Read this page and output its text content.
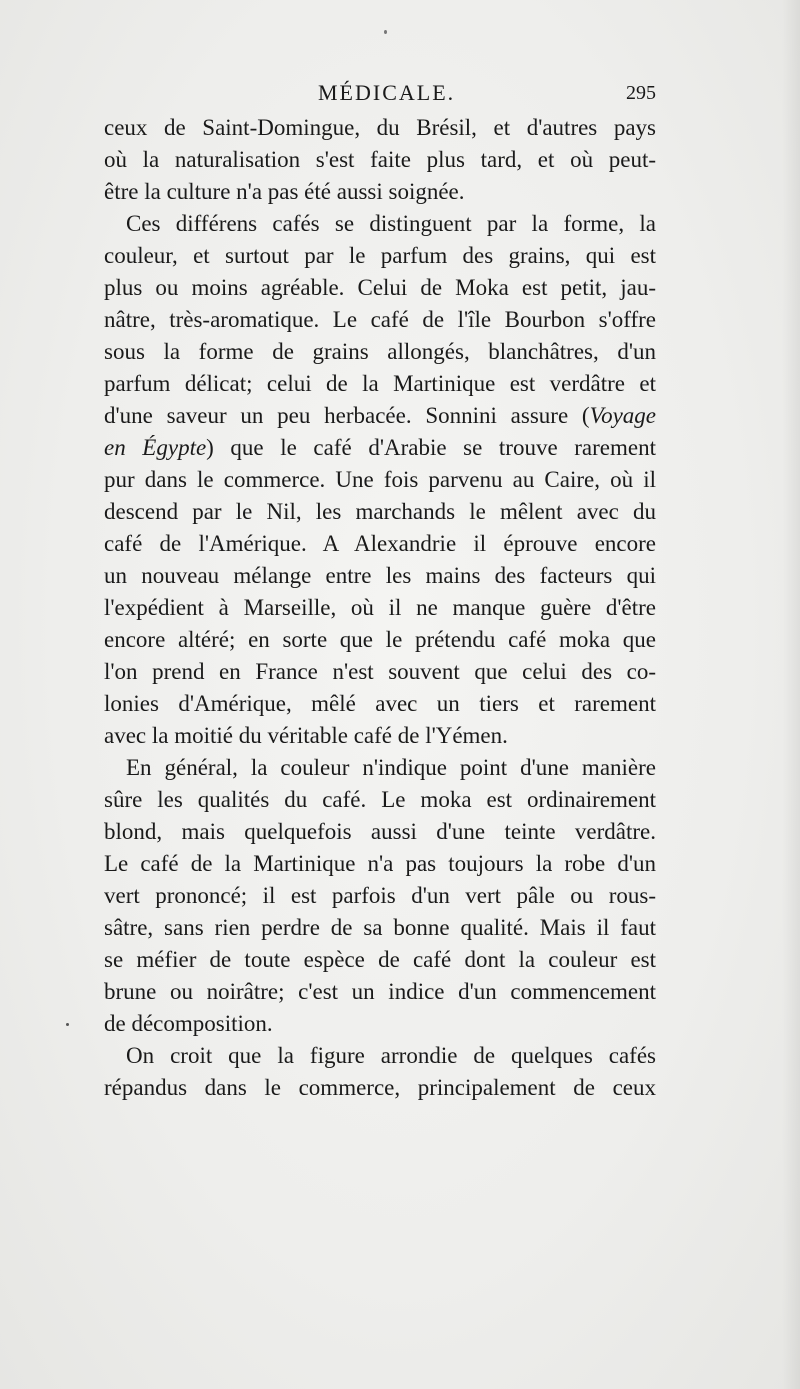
MÉDICALE.	295
ceux de Saint-Domingue, du Brésil, et d'autres pays
où la naturalisation s'est faite plus tard, et où peut-
être la culture n'a pas été aussi soignée.
Ces différens cafés se distinguent par la forme, la
couleur, et surtout par le parfum des grains, qui est
plus ou moins agréable. Celui de Moka est petit, jau-
nâtre, très-aromatique. Le café de l'île Bourbon s'offre
sous la forme de grains allongés, blanchâtres, d'un
parfum délicat; celui de la Martinique est verdâtre et
d'une saveur un peu herbacée. Sonnini assure (Voyage
en Égypte) que le café d'Arabie se trouve rarement
pur dans le commerce. Une fois parvenu au Caire, où il
descend par le Nil, les marchands le mêlent avec du
café de l'Amérique. A Alexandrie il éprouve encore
un nouveau mélange entre les mains des facteurs qui
l'expédient à Marseille, où il ne manque guère d'être
encore altéré; en sorte que le prétendu café moka que
l'on prend en France n'est souvent que celui des co-
lonies d'Amérique, mêlé avec un tiers et rarement
avec la moitié du véritable café de l'Yémen.
En général, la couleur n'indique point d'une manière
sûre les qualités du café. Le moka est ordinairement
blond, mais quelquefois aussi d'une teinte verdâtre.
Le café de la Martinique n'a pas toujours la robe d'un
vert prononcé; il est parfois d'un vert pâle ou rous-
sâtre, sans rien perdre de sa bonne qualité. Mais il faut
se méfier de toute espèce de café dont la couleur est
brune ou noirâtre; c'est un indice d'un commencement
de décomposition.
On croit que la figure arrondie de quelques cafés
répandus dans le commerce, principalement de ceux
